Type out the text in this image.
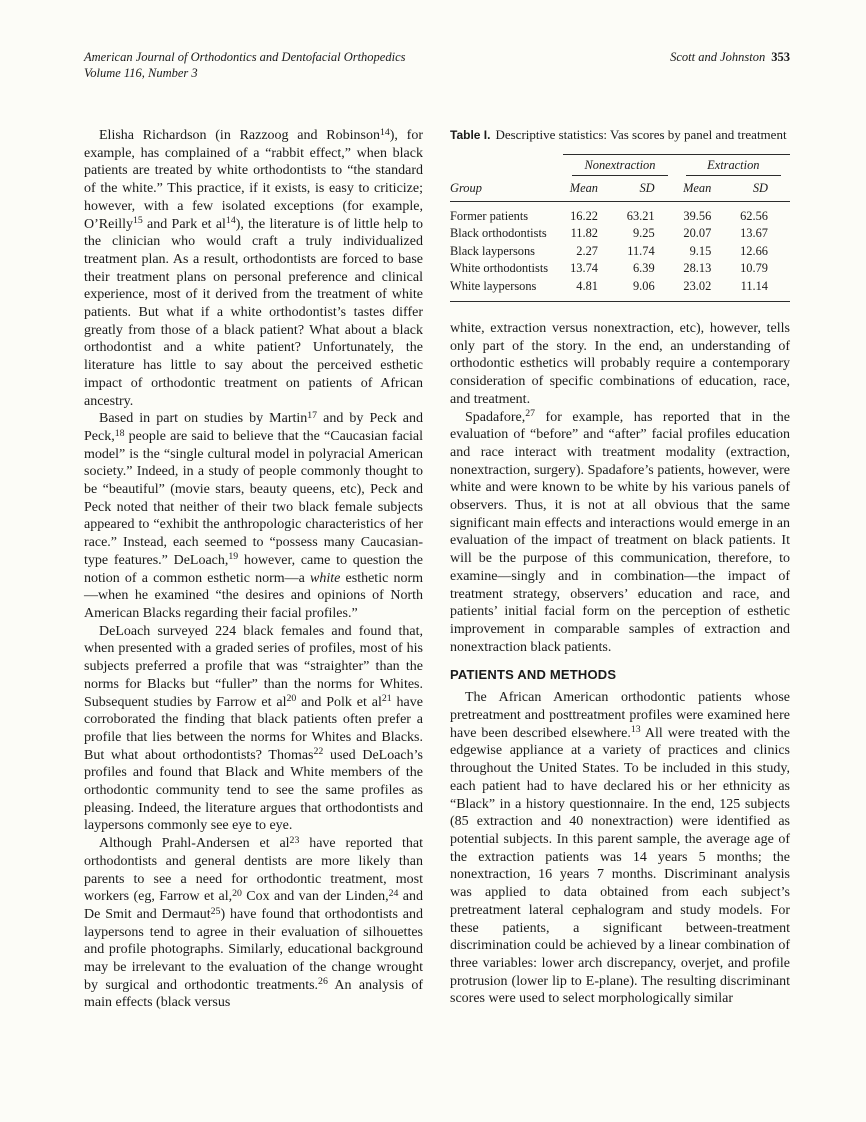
American Journal of Orthodontics and Dentofacial Orthopedics
Volume 116, Number 3
Scott and Johnston 353

Elisha Richardson (in Razzoog and Robinson$^{14}$), for example, has complained of a “rabbit effect,” when black patients are treated by white orthodontists to “the standard of the white.” This practice, if it exists, is easy to criticize; however, with a few isolated exceptions (for example, O’Reilly$^{15}$ and Park et $al^{14}$), the literature is of little help to the clinician who would craft a truly individualized treatment plan. As a result, orthodontists are forced to base their treatment plans on personal preference and clinical experience, most of it derived from the treatment of white patients. But what if a white orthodontist’s tastes differ greatly from those of a black patient? What about a black orthodontist and a white patient? Unfortunately, the literature has little to say about the perceived esthetic impact of orthodontic treatment on patients of African ancestry.

Based in part on studies by Martin$^{17}$ and by Peck and Peck,$^{18}$ people are said to believe that the “Caucasian facial model” is the “single cultural model in polyracial American society.” Indeed, in a study of people commonly thought to be “beautiful” (movie stars, beauty queens, etc), Peck and Peck noted that neither of their two black female subjects appeared to “exhibit the anthropologic characteristics of her race.” Instead, each seemed to “possess many Caucasian-type features.” DeLoach,$^{19}$ however, came to question the notion of a common esthetic norm—a white esthetic norm—when he examined “the desires and opinions of North American Blacks regarding their facial profiles.”

DeLoach surveyed 224 black females and found that, when presented with a graded series of profiles, most of his subjects preferred a profile that was “straighter” than the norms for Blacks but “fuller” than the norms for Whites. Subsequent studies by Farrow et $al^{20}$ and Polk et $al^{21}$ have corroborated the finding that black patients often prefer a profile that lies between the norms for Whites and Blacks. But what about orthodontists? Thomas$^{22}$ used DeLoach’s profiles and found that Black and White members of the orthodontic community tend to see the same profiles as pleasing. Indeed, the literature argues that orthodontists and laypersons commonly see eye to eye.

Although Prahl-Andersen et $al^{23}$ have reported that orthodontists and general dentists are more likely than parents to see a need for orthodontic treatment, most workers (eg, Farrow et al,$^{20}$ Cox and van der Linden,$^{24}$ and De Smit and Dermaut$^{25}$) have found that orthodontists and laypersons tend to agree in their evaluation of silhouettes and profile photographs. Similarly, educational background may be irrelevant to the evaluation of the change wrought by surgical and orthodontic treatments.$^{26}$ An analysis of main effects (black versus

Table I. Descriptive statistics: Vas scores by panel and treatment

	Nonextraction		Extraction	

Group	Mean	SD	Mean	SD
Former patients	16.22	63.21	39.56	62.56
Black orthodontists	11.82	9.25	20.07	13.67
Black laypersons	2.27	11.74	9.15	12.66
White orthodontists	13.74	6.39	28.13	10.79
White laypersons	4.81	9.06	23.02	11.14

white, extraction versus nonextraction, etc), however, tells only part of the story. In the end, an understanding of orthodontic esthetics will probably require a contemporary consideration of specific combinations of education, race, and treatment.

Spadafore,$^{27}$ for example, has reported that in the evaluation of “before” and “after” facial profiles education and race interact with treatment modality (extraction, nonextraction, surgery). Spadafore’s patients, however, were white and were known to be white by his various panels of observers. Thus, it is not at all obvious that the same significant main effects and interactions would emerge in an evaluation of the impact of treatment on black patients. It will be the purpose of this communication, therefore, to examine—singly and in combination—the impact of treatment strategy, observers’ education and race, and patients’ initial facial form on the perception of esthetic improvement in comparable samples of extraction and nonextraction black patients.

PATIENTS AND METHODS

The African American orthodontic patients whose pretreatment and posttreatment profiles were examined here have been described elsewhere.$^{13}$ All were treated with the edgewise appliance at a variety of practices and clinics throughout the United States. To be included in this study, each patient had to have declared his or her ethnicity as “Black” in a history questionnaire. In the end, 125 subjects (85 extraction and 40 nonextraction) were identified as potential subjects. In this parent sample, the average age of the extraction patients was 14 years 5 months; the nonextraction, 16 years 7 months. Discriminant analysis was applied to data obtained from each subject’s pretreatment lateral cephalogram and study models. For these patients, a significant between-treatment discrimination could be achieved by a linear combination of three variables: lower arch discrepancy, overjet, and profile protrusion (lower lip to E-plane). The resulting discriminant scores were used to select morphologically similar
